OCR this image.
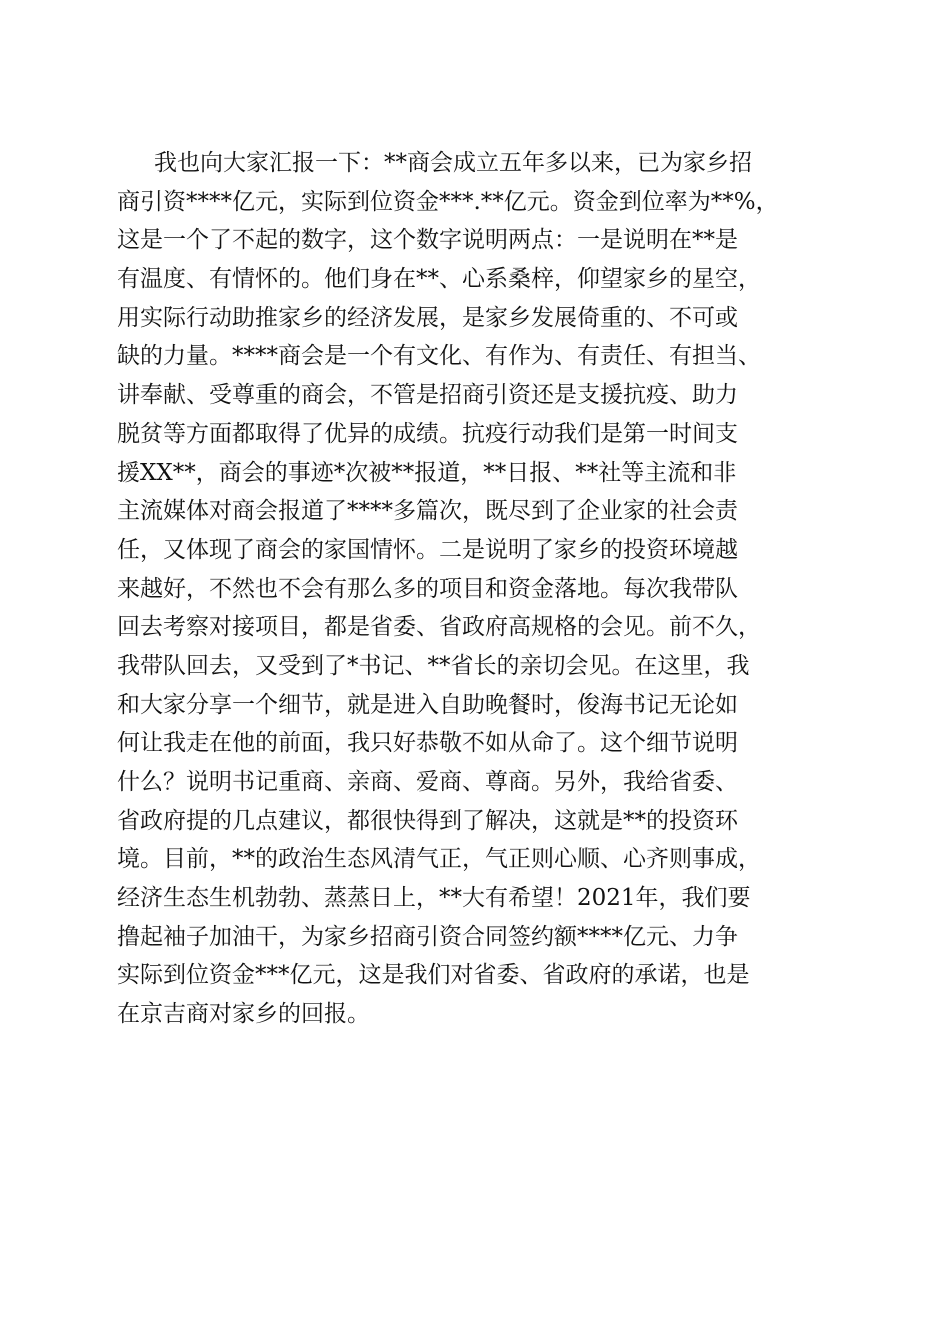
我也向大家汇报一下：**商会成立五年多以来，已为家乡招
商引资****亿元，实际到位资金***.**亿元。资金到位率为**%，
这是一个了不起的数字，这个数字说明两点：一是说明在**是
有温度、有情怀的。他们身在**、心系桑梓，仰望家乡的星空，
用实际行动助推家乡的经济发展，是家乡发展倚重的、不可或
缺的力量。****商会是一个有文化、有作为、有责任、有担当、
讲奉献、受尊重的商会，不管是招商引资还是支援抗疫、助力
脱贫等方面都取得了优异的成绩。抗疫行动我们是第一时间支
援XX**，商会的事迹*次被**报道，**日报、**社等主流和非
主流媒体对商会报道了****多篇次，既尽到了企业家的社会责
任，又体现了商会的家国情怀。二是说明了家乡的投资环境越
来越好，不然也不会有那么多的项目和资金落地。每次我带队
回去考察对接项目，都是省委、省政府高规格的会见。前不久，
我带队回去，又受到了*书记、**省长的亲切会见。在这里，我
和大家分享一个细节，就是进入自助晚餐时，俊海书记无论如
何让我走在他的前面，我只好恭敬不如从命了。这个细节说明
什么？说明书记重商、亲商、爱商、尊商。另外，我给省委、
省政府提的几点建议，都很快得到了解决，这就是**的投资环
境。目前，**的政治生态风清气正，气正则心顺、心齐则事成，
经济生态生机勃勃、蒸蒸日上，**大有希望！2021年，我们要
撸起袖子加油干，为家乡招商引资合同签约额****亿元、力争
实际到位资金***亿元，这是我们对省委、省政府的承诺，也是
在京吉商对家乡的回报。
